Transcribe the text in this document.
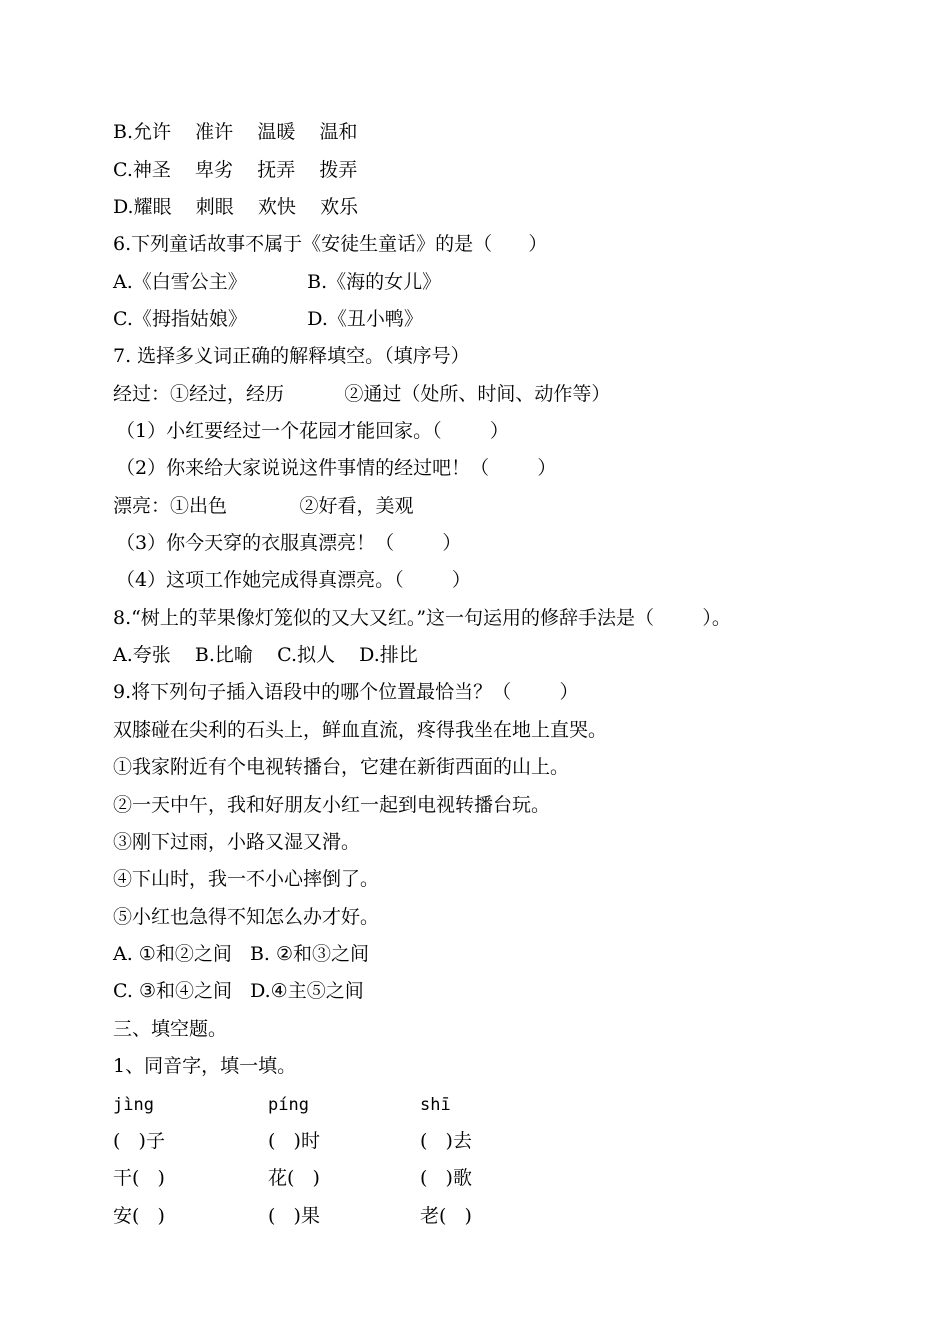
B.允许    准许    温暖    温和
C.神圣    卑劣    抚弄    拨弄
D.耀眼    刺眼    欢快    欢乐
6.下列童话故事不属于《安徒生童话》的是（      ）
A.《白雪公主》          B.《海的女儿》
C.《拇指姑娘》          D.《丑小鸭》
7. 选择多义词正确的解释填空。（填序号）
经过：①经过，经历          ②通过（处所、时间、动作等）
（1）小红要经过一个花园才能回家。（        ）
（2）你来给大家说说这件事情的经过吧！（        ）
漂亮：①出色            ②好看，美观
（3）你今天穿的衣服真漂亮！（        ）
（4）这项工作她完成得真漂亮。（        ）
8.“树上的苹果像灯笼似的又大又红。”这一句运用的修辞手法是（        ）。
A.夸张    B.比喻    C.拟人    D.排比
9.将下列句子插入语段中的哪个位置最恰当？（        ）
双膝碰在尖利的石头上，鲜血直流，疼得我坐在地上直哭。
①我家附近有个电视转播台，它建在新街西面的山上。
②一天中午，我和好朋友小红一起到电视转播台玩。
③刚下过雨，小路又湿又滑。
④下山时，我一不小心摔倒了。
⑤小红也急得不知怎么办才好。
A. ①和②之间   B. ②和③之间
C. ③和④之间   D.④主⑤之间
三、填空题。
1、同音字，填一填。
jìng	píng	shī
(   )子	(   )时	(   )去
干(   )	花(   )	(   )歌
安(   )	(   )果	老(   )
